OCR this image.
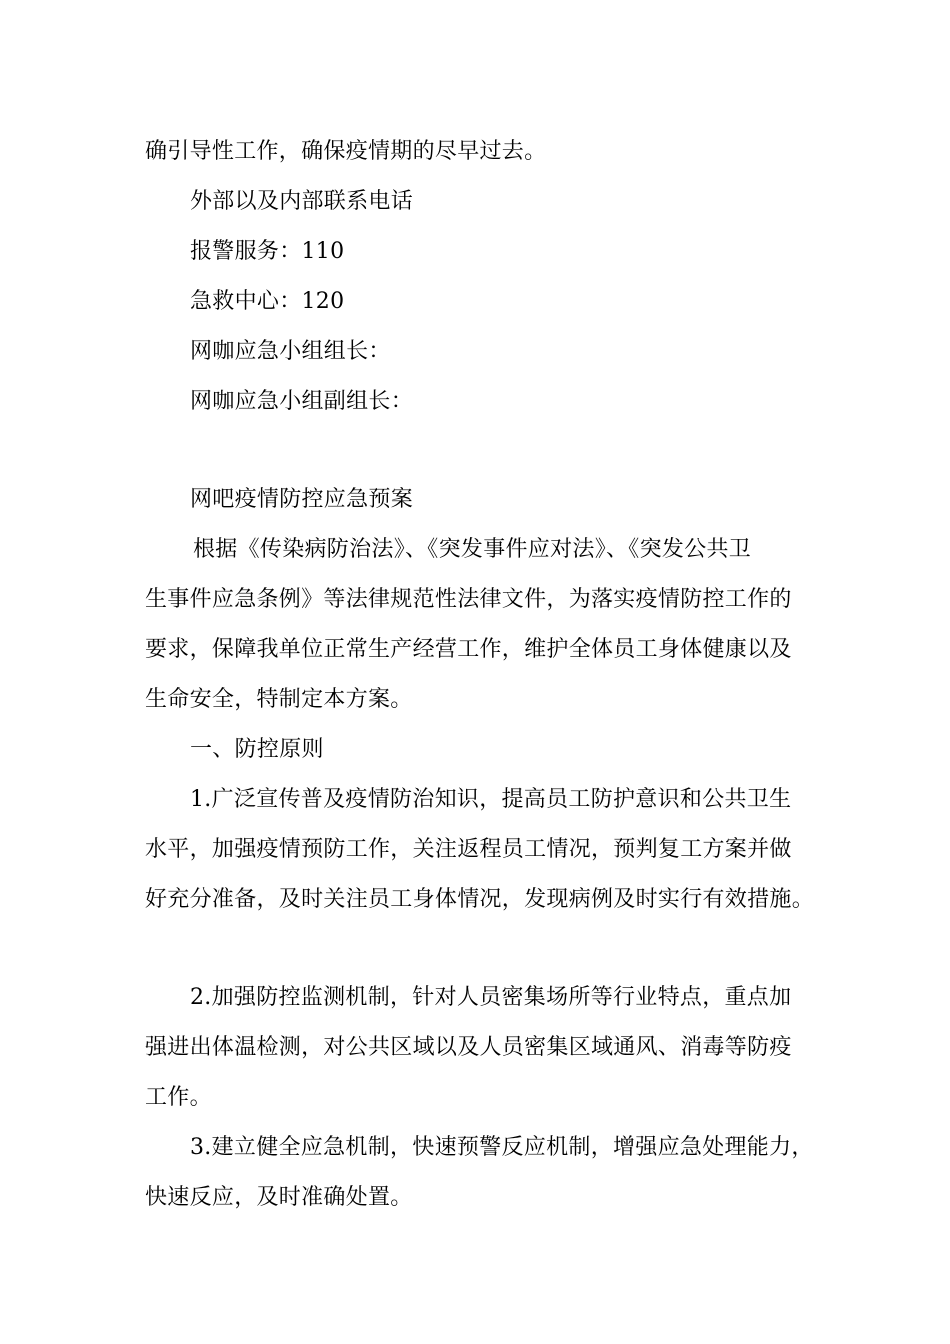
确引导性工作，确保疫情期的尽早过去。
外部以及内部联系电话
报警服务：110
急救中心：120
网咖应急小组组长：
网咖应急小组副组长：
网吧疫情防控应急预案
根据《传染病防治法》、《突发事件应对法》、《突发公共卫
生事件应急条例》等法律规范性法律文件，为落实疫情防控工作的
要求，保障我单位正常生产经营工作，维护全体员工身体健康以及
生命安全，特制定本方案。
一、防控原则
1.广泛宣传普及疫情防治知识，提高员工防护意识和公共卫生
水平，加强疫情预防工作，关注返程员工情况，预判复工方案并做
好充分准备，及时关注员工身体情况，发现病例及时实行有效措施。
2.加强防控监测机制，针对人员密集场所等行业特点，重点加
强进出体温检测，对公共区域以及人员密集区域通风、消毒等防疫
工作。
3.建立健全应急机制，快速预警反应机制，增强应急处理能力，
快速反应，及时准确处置。
